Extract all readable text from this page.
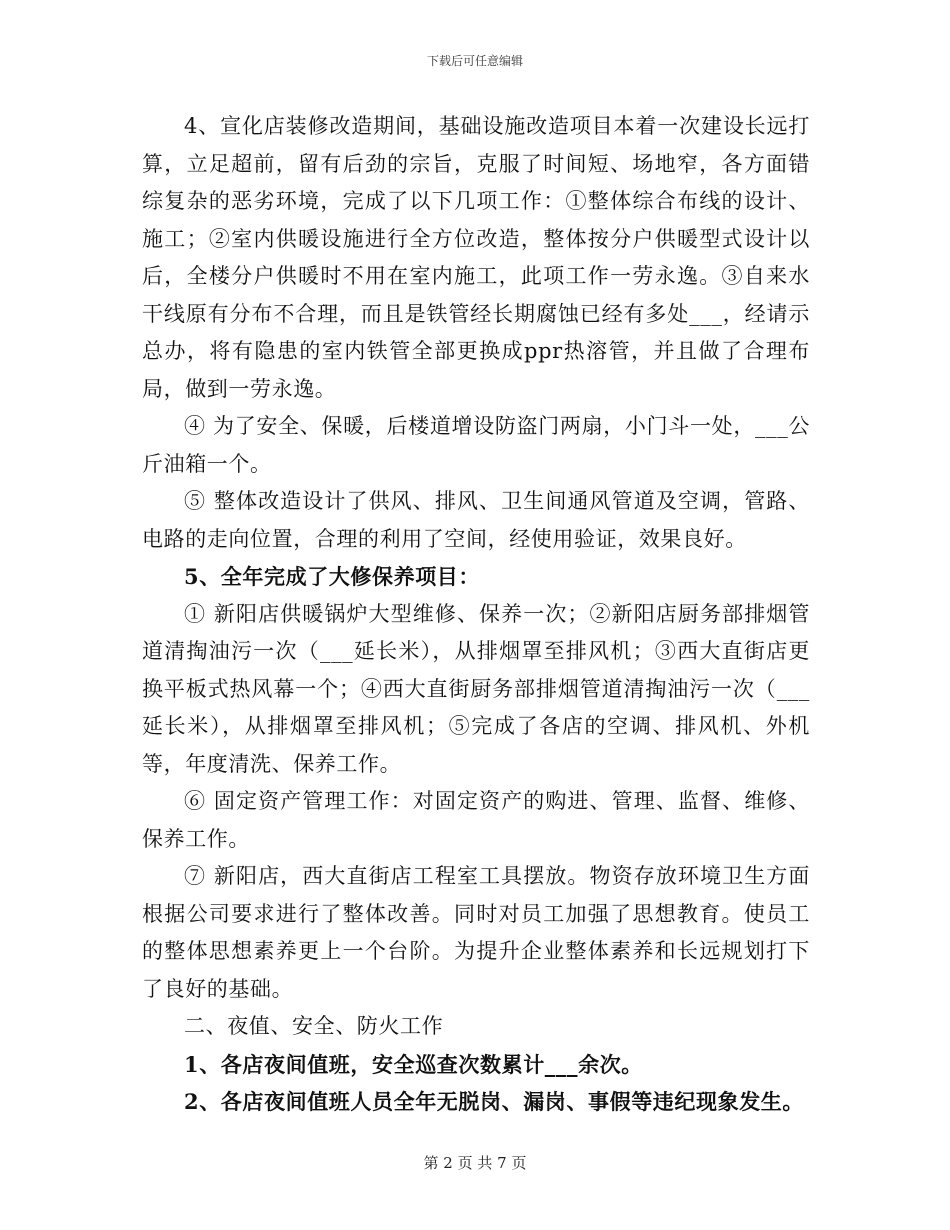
下载后可任意编辑

4、宣化店装修改造期间，基础设施改造项目本着一次建设长远打算，立足超前，留有后劲的宗旨，克服了时间短、场地窄，各方面错综复杂的恶劣环境，完成了以下几项工作：①整体综合布线的设计、施工；②室内供暖设施进行全方位改造，整体按分户供暖型式设计以后，全楼分户供暖时不用在室内施工，此项工作一劳永逸。③自来水干线原有分布不合理，而且是铁管经长期腐蚀已经有多处___，经请示总办，将有隐患的室内铁管全部更换成ppr热溶管，并且做了合理布局，做到一劳永逸。

④ 为了安全、保暖，后楼道增设防盗门两扇，小门斗一处，___公斤油箱一个。

⑤ 整体改造设计了供风、排风、卫生间通风管道及空调，管路、电路的走向位置，合理的利用了空间，经使用验证，效果良好。

5、全年完成了大修保养项目：

① 新阳店供暖锅炉大型维修、保养一次；②新阳店厨务部排烟管道清掏油污一次（___延长米），从排烟罩至排风机；③西大直街店更换平板式热风幕一个；④西大直街厨务部排烟管道清掏油污一次（___延长米），从排烟罩至排风机；⑤完成了各店的空调、排风机、外机等，年度清洗、保养工作。

⑥ 固定资产管理工作：对固定资产的购进、管理、监督、维修、保养工作。

⑦ 新阳店，西大直街店工程室工具摆放。物资存放环境卫生方面根据公司要求进行了整体改善。同时对员工加强了思想教育。使员工的整体思想素养更上一个台阶。为提升企业整体素养和长远规划打下了良好的基础。

二、夜值、安全、防火工作

1、各店夜间值班，安全巡查次数累计___余次。

2、各店夜间值班人员全年无脱岗、漏岗、事假等违纪现象发生。

第 2 页 共 7 页
